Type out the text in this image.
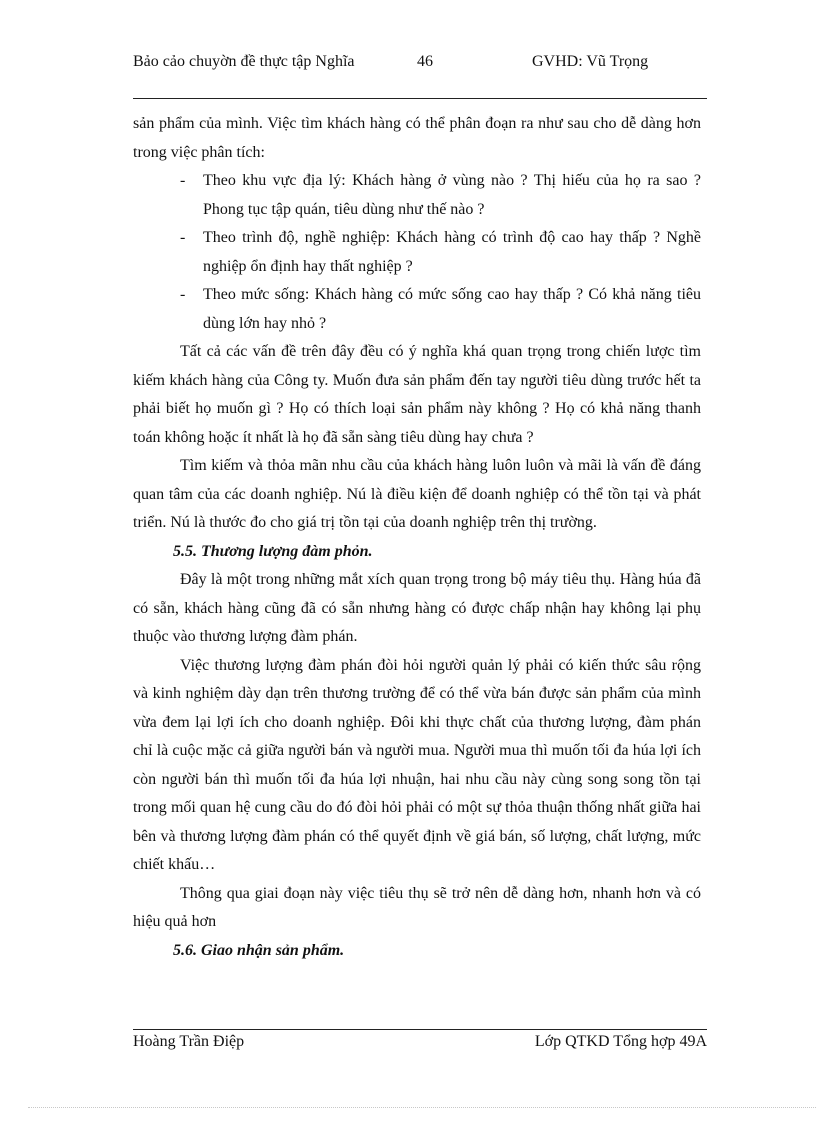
Bảo cảo chuyờn đề thực tập Nghĩa	46	GVHD: Vũ Trọng

sản phẩm của mình. Việc tìm khách hàng có thể phân đoạn ra như sau cho dễ dàng hơn trong việc phân tích:

- Theo khu vực địa lý: Khách hàng ở vùng nào ? Thị hiếu của họ ra sao ? Phong tục tập quán, tiêu dùng như thế nào ?
- Theo trình độ, nghề nghiệp: Khách hàng có trình độ cao hay thấp ? Nghề nghiệp ổn định hay thất nghiệp ?
- Theo mức sống: Khách hàng có mức sống cao hay thấp ? Có khả năng tiêu dùng lớn hay nhỏ ?

Tất cả các vấn đề trên đây đều có ý nghĩa khá quan trọng trong chiến lược tìm kiếm khách hàng của Công ty. Muốn đưa sản phẩm đến tay người tiêu dùng trước hết ta phải biết họ muốn gì ? Họ có thích loại sản phẩm này không ? Họ có khả năng thanh toán không hoặc ít nhất là họ đã sẵn sàng tiêu dùng hay chưa ?

Tìm kiếm và thỏa mãn nhu cầu của khách hàng luôn luôn và mãi là vấn đề đáng quan tâm của các doanh nghiệp. Nú là điều kiện để doanh nghiệp có thể tồn tại và phát triển. Nú là thước đo cho giá trị tồn tại của doanh nghiệp trên thị trường.

5.5. Thương lượng đàm phỏn.

Đây là một trong những mắt xích quan trọng trong bộ máy tiêu thụ. Hàng húa đã có sẵn, khách hàng cũng đã có sẵn nhưng hàng có được chấp nhận hay không lại phụ thuộc vào thương lượng đàm phán.

Việc thương lượng đàm phán đòi hỏi người quản lý phải có kiến thức sâu rộng và kinh nghiệm dày dạn trên thương trường để có thể vừa bán được sản phẩm của mình vừa đem lại lợi ích cho doanh nghiệp. Đôi khi thực chất của thương lượng, đàm phán chỉ là cuộc mặc cả giữa người bán và người mua. Người mua thì muốn tối đa húa lợi ích còn người bán thì muốn tối đa húa lợi nhuận, hai nhu cầu này cùng song song tồn tại trong mối quan hệ cung cầu do đó đòi hỏi phải có một sự thỏa thuận thống nhất giữa hai bên và thương lượng đàm phán có thể quyết định về giá bán, số lượng, chất lượng, mức chiết khấu…

Thông qua giai đoạn này việc tiêu thụ sẽ trở nên dễ dàng hơn, nhanh hơn và có hiệu quả hơn

5.6. Giao nhận sản phẩm.

Hoàng Trần Điệp	Lớp QTKD Tổng hợp 49A
